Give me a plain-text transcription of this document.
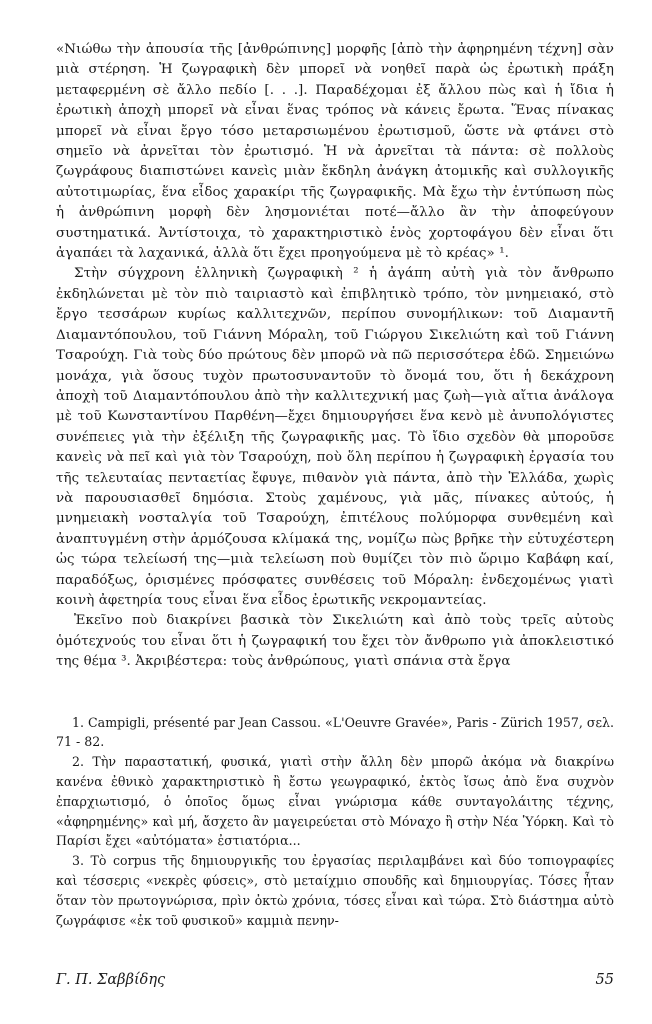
«Νιώθω τὴν ἀπουσία τῆς [ἀνθρώπινης] μορφῆς [ἀπὸ τὴν ἀφηρημένη τέχνη] σὰν μιὰ στέρηση. Ἡ ζωγραφικὴ δὲν μπορεῖ νὰ νοηθεῖ παρὰ ὡς ἐρωτικὴ πράξη μεταφερμένη σὲ ἄλλο πεδίο [. . .]. Παραδέχομαι ἐξ ἄλλου πὼς καὶ ἡ ἴδια ἡ ἐρωτικὴ ἀποχὴ μπορεῖ νὰ εἶναι ἕνας τρόπος νὰ κάνεις ἔρωτα. Ἕνας πίνακας μπορεῖ νὰ εἶναι ἔργο τόσο μεταρσιωμένου ἐρωτισμοῦ, ὥστε νὰ φτάνει στὸ σημεῖο νὰ ἀρνεῖται τὸν ἐρωτισμό. Ἡ νὰ ἀρνεῖται τὰ πάντα: σὲ πολλοὺς ζωγράφους διαπιστώνει κανεὶς μιὰν ἔκδηλη ἀνάγκη ἀτομικῆς καὶ συλλογικῆς αὐτοτιμωρίας, ἕνα εἶδος χαρακίρι τῆς ζωγραφικῆς. Μὰ ἔχω τὴν ἐντύπωση πὼς ἡ ἀνθρώπινη μορφὴ δὲν λησμονιέται ποτέ—ἄλλο ἂν τὴν ἀποφεύγουν συστηματικά. Ἀντίστοιχα, τὸ χαρακτηριστικὸ ἑνὸς χορτοφάγου δὲν εἶναι ὅτι ἀγαπάει τὰ λαχανικά, ἀλλὰ ὅτι ἔχει προηγούμενα μὲ τὸ κρέας» ¹.

Στὴν σύγχρονη ἑλληνικὴ ζωγραφικὴ ² ἡ ἀγάπη αὐτὴ γιὰ τὸν ἄνθρωπο ἐκδηλώνεται μὲ τὸν πιὸ ταιριαστὸ καὶ ἐπιβλητικὸ τρόπο, τὸν μνημειακό, στὸ ἔργο τεσσάρων κυρίως καλλιτεχνῶν, περίπου συνομήλικων: τοῦ Διαμαντῆ Διαμαντόπουλου, τοῦ Γιάννη Μόραλη, τοῦ Γιώργου Σικελιώτη καὶ τοῦ Γιάννη Τσαρούχη. Γιὰ τοὺς δύο πρώτους δὲν μπορῶ νὰ πῶ περισσότερα ἐδῶ. Σημειώνω μονάχα, γιὰ ὅσους τυχὸν πρωτοσυναντοῦν τὸ ὄνομά του, ὅτι ἡ δεκάχρονη ἀποχὴ τοῦ Διαμαντόπουλου ἀπὸ τὴν καλλιτεχνική μας ζωὴ—γιὰ αἴτια ἀνάλογα μὲ τοῦ Κωνσταντίνου Παρθένη—ἔχει δημιουργήσει ἕνα κενὸ μὲ ἀνυπολόγιστες συνέπειες γιὰ τὴν ἐξέλιξη τῆς ζωγραφικῆς μας. Τὸ ἴδιο σχεδὸν θὰ μποροῦσε κανεὶς νὰ πεῖ καὶ γιὰ τὸν Τσαρούχη, ποὺ ὅλη περίπου ἡ ζωγραφικὴ ἐργασία του τῆς τελευταίας πενταετίας ἔφυγε, πιθανὸν γιὰ πάντα, ἀπὸ τὴν Ἑλλάδα, χωρὶς νὰ παρουσιασθεῖ δημόσια. Στοὺς χαμένους, γιὰ μᾶς, πίνακες αὐτούς, ἡ μνημειακὴ νοσταλγία τοῦ Τσαρούχη, ἐπιτέλους πολύμορφα συνθεμένη καὶ ἀναπτυγμένη στὴν ἁρμόζουσα κλίμακά της, νομίζω πὼς βρῆκε τὴν εὐτυχέστερη ὡς τώρα τελείωσή της—μιὰ τελείωση ποὺ θυμίζει τὸν πιὸ ὥριμο Καβάφη καί, παραδόξως, ὁρισμένες πρόσφατες συνθέσεις τοῦ Μόραλη: ἐνδεχομένως γιατὶ κοινὴ ἀφετηρία τους εἶναι ἕνα εἶδος ἐρωτικῆς νεκρομαντείας.

Ἐκεῖνο ποὺ διακρίνει βασικὰ τὸν Σικελιώτη καὶ ἀπὸ τοὺς τρεῖς αὐτοὺς ὁμότεχνούς του εἶναι ὅτι ἡ ζωγραφική του ἔχει τὸν ἄνθρωπο γιὰ ἀποκλειστικό της θέμα ³. Ἀκριβέστερα: τοὺς ἀνθρώπους, γιατὶ σπάνια στὰ ἔργα

1. Campigli, présenté par Jean Cassou. «L'Oeuvre Gravée», Paris - Zürich 1957, σελ. 71 - 82.

2. Τὴν παραστατική, φυσικά, γιατὶ στὴν ἄλλη δὲν μπορῶ ἀκόμα νὰ διακρίνω κανένα ἐθνικὸ χαρακτηριστικὸ ἢ ἔστω γεωγραφικό, ἐκτὸς ἴσως ἀπὸ ἕνα συχνὸν ἐπαρχιωτισμό, ὁ ὁποῖος ὅμως εἶναι γνώρισμα κάθε συνταγολάιτης τέχνης, «ἀφηρημένης» καὶ μή, ἄσχετο ἂν μαγειρεύεται στὸ Μόναχο ἢ στὴν Νέα Ὑόρκη. Καὶ τὸ Παρίσι ἔχει «αὐτόματα» ἐστιατόρια...

3. Τὸ corpus τῆς δημιουργικῆς του ἐργασίας περιλαμβάνει καὶ δύο τοπιογραφίες καὶ τέσσερις «νεκρὲς φύσεις», στὸ μεταίχμιο σπουδῆς καὶ δημιουργίας. Τόσες ἦταν ὅταν τὸν πρωτογνώρισα, πρὶν ὀκτὼ χρόνια, τόσες εἶναι καὶ τώρα. Στὸ διάστημα αὐτὸ ζωγράφισε «ἐκ τοῦ φυσικοῦ» καμμιὰ πενην-

Γ. Π. Σαββίδης	55
